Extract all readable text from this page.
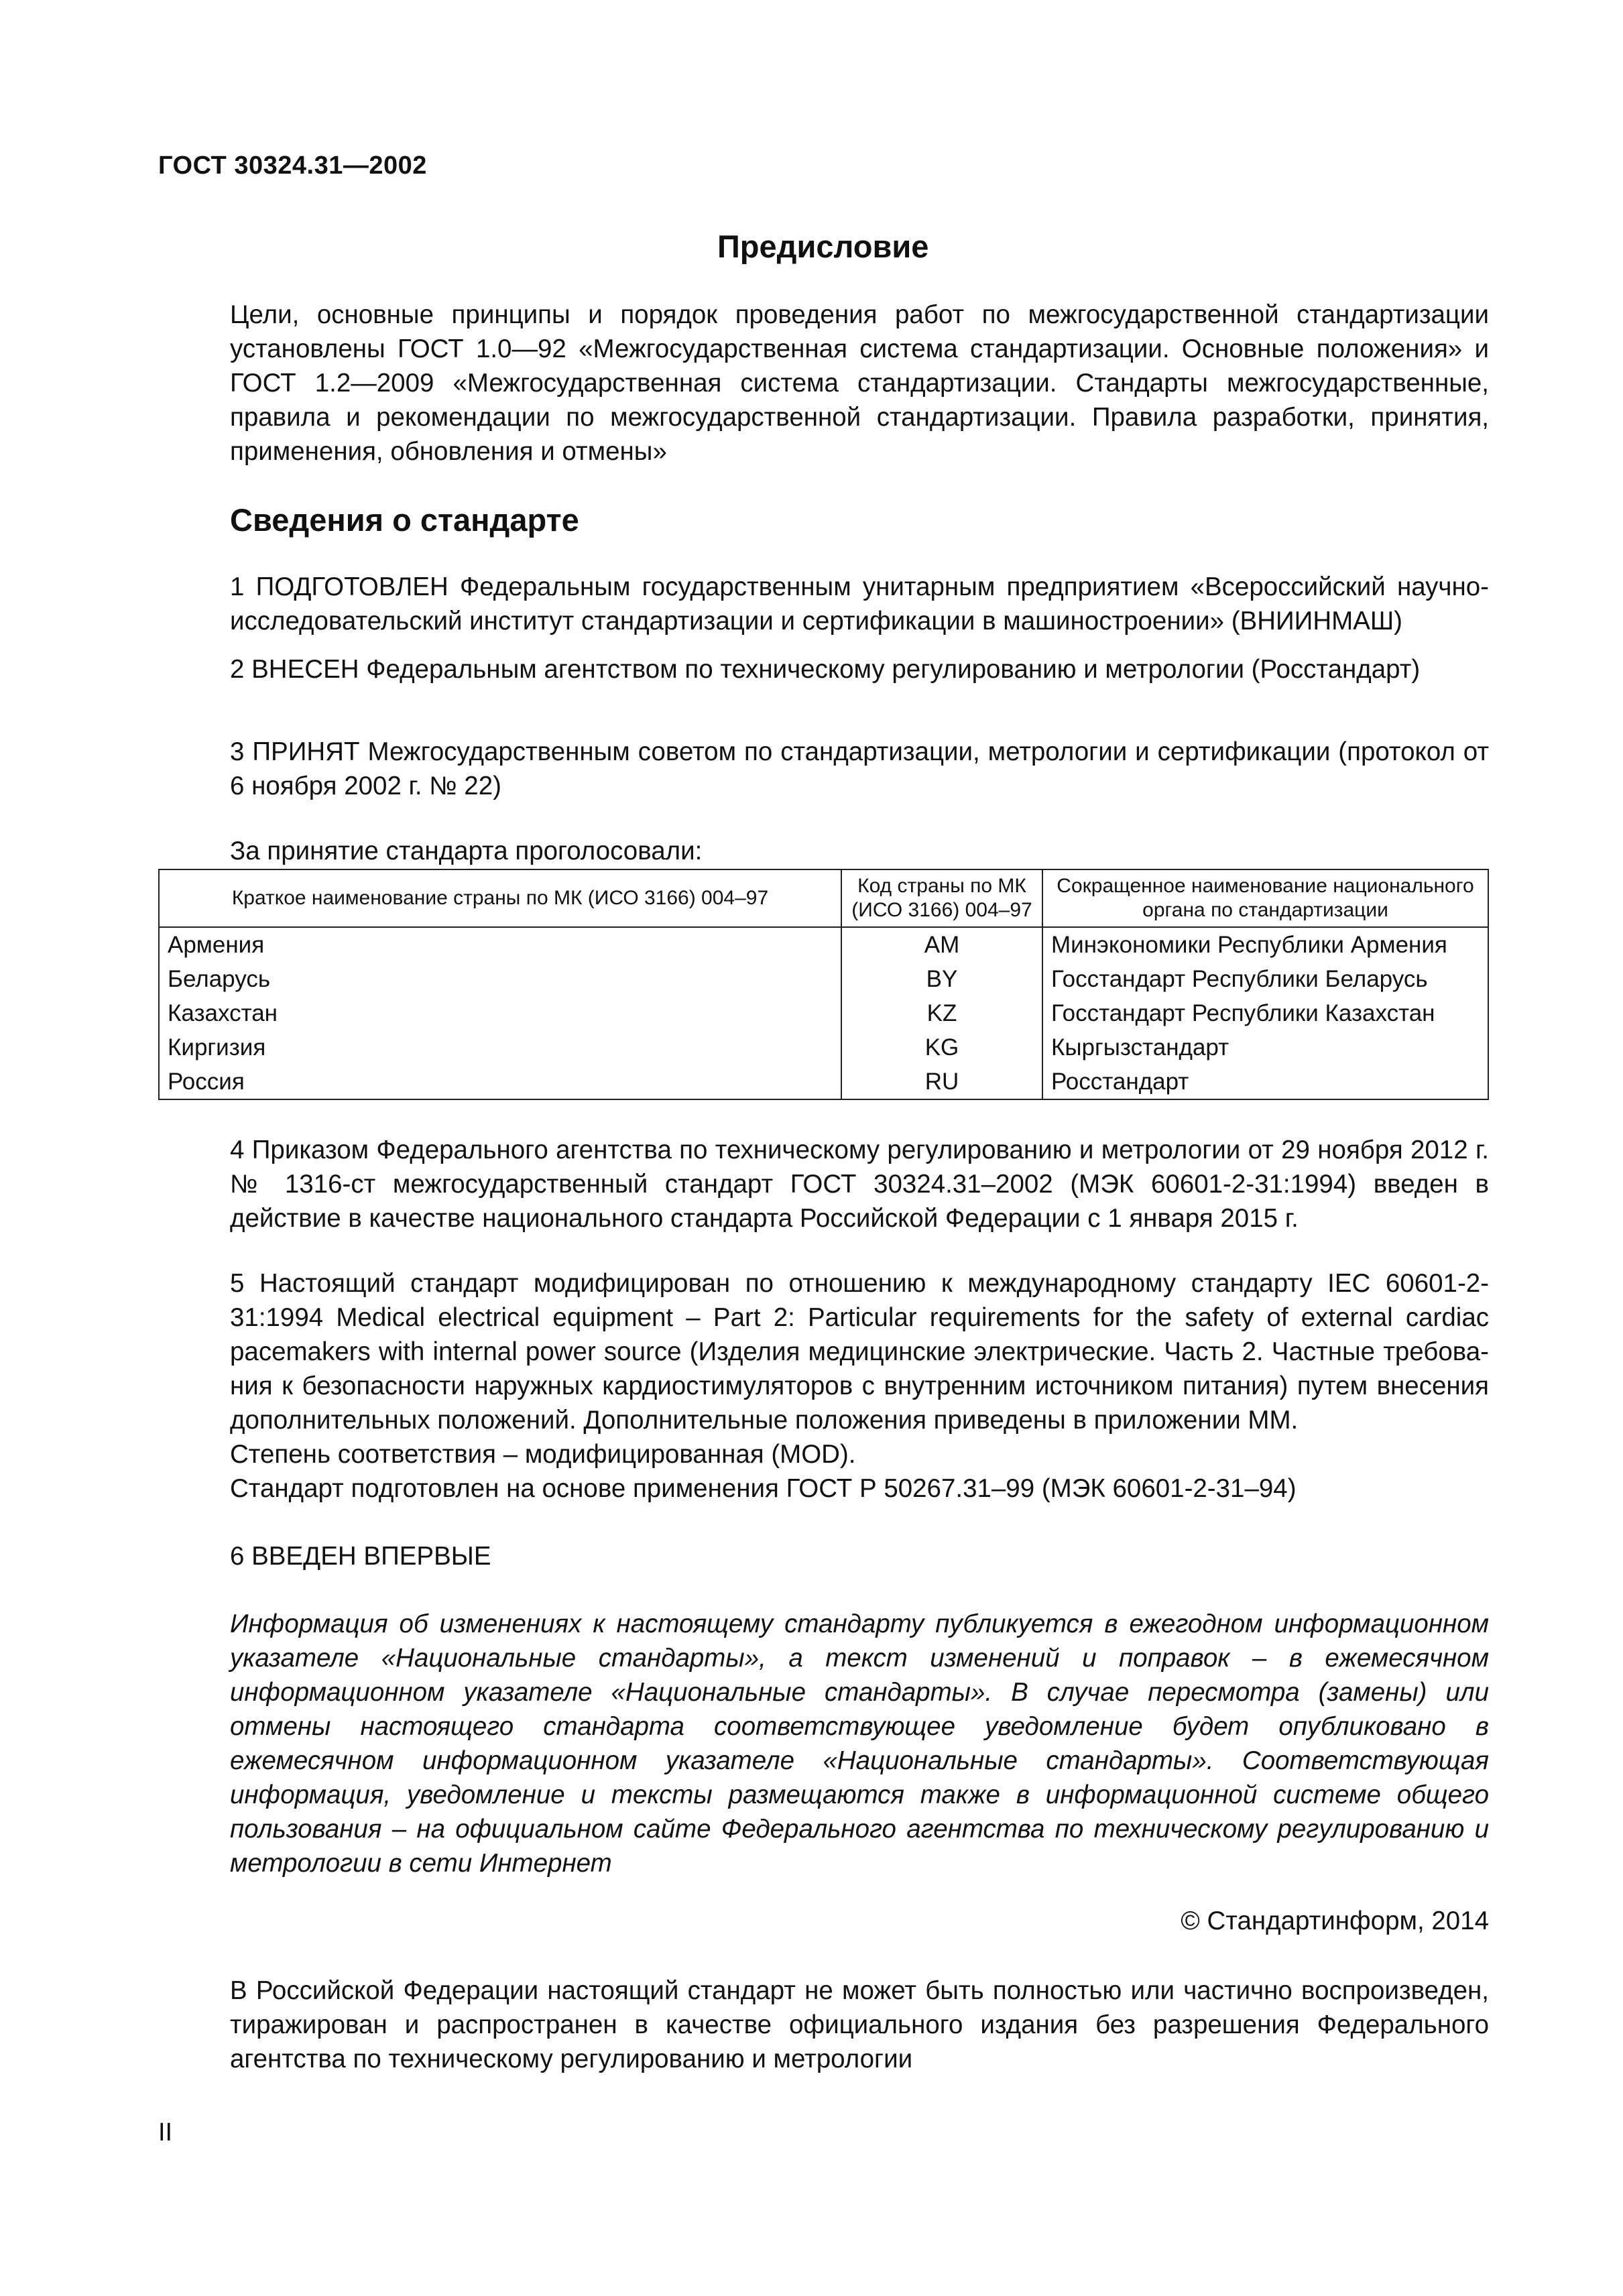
ГОСТ 30324.31—2002
Предисловие
Цели, основные принципы и порядок проведения работ по межгосударственной стандартизации установлены ГОСТ 1.0—92 «Межгосударственная система стандартизации. Основные положения» и ГОСТ 1.2—2009 «Межгосударственная система стандартизации. Стандарты межгосударственные, правила и рекомендации по межгосударственной стандартизации. Правила разработки, принятия, применения, обновления и отмены»
Сведения о стандарте
1 ПОДГОТОВЛЕН Федеральным государственным унитарным предприятием «Всероссийский научно-исследовательский институт стандартизации и сертификации в машиностроении» (ВНИИНМАШ)
2 ВНЕСЕН Федеральным агентством по техническому регулированию и метрологии (Росстандарт)
3 ПРИНЯТ Межгосударственным советом по стандартизации, метрологии и сертификации (протокол от 6 ноября 2002 г. № 22)
За принятие стандарта проголосовали:
Краткое наименование страны по МК (ИСО 3166) 004–97	Код страны по МК (ИСО 3166) 004–97	Сокращенное наименование национального органа по стандартизации
Армения	AM	Минэкономики Республики Армения
Беларусь	BY	Госстандарт Республики Беларусь
Казахстан	KZ	Госстандарт Республики Казахстан
Киргизия	KG	Кыргызстандарт
Россия	RU	Росстандарт
4 Приказом Федерального агентства по техническому регулированию и метрологии от 29 ноября 2012 г. № 1316-ст межгосударственный стандарт ГОСТ 30324.31–2002 (МЭК 60601-2-31:1994) введен в действие в качестве национального стандарта Российской Федерации с 1 января 2015 г.
5 Настоящий стандарт модифицирован по отношению к международному стандарту IEC 60601-2-31:1994 Medical electrical equipment – Part 2: Particular requirements for the safety of external cardiac pacemakers with internal power source (Изделия медицинские электрические. Часть 2. Частные требова-ния к безопасности наружных кардиостимуляторов с внутренним источником питания) путем внесения дополнительных положений. Дополнительные положения приведены в приложении ММ.
Степень соответствия – модифицированная (MOD).
Стандарт подготовлен на основе применения ГОСТ Р 50267.31–99 (МЭК 60601-2-31–94)
6 ВВЕДЕН ВПЕРВЫЕ
Информация об изменениях к настоящему стандарту публикуется в ежегодном информационном указателе «Национальные стандарты», а текст изменений и поправок – в ежемесячном информационном указателе «Национальные стандарты». В случае пересмотра (замены) или отмены настоящего стандарта соответствующее уведомление будет опубликовано в ежемесячном информационном указателе «Национальные стандарты». Соответствующая информация, уведомление и тексты размещаются также в информационной системе общего пользования – на официальном сайте Федерального агентства по техническому регулированию и метрологии в сети Интернет
© Стандартинформ, 2014
В Российской Федерации настоящий стандарт не может быть полностью или частично воспроизведен, тиражирован и распространен в качестве официального издания без разрешения Федерального агентства по техническому регулированию и метрологии
II
